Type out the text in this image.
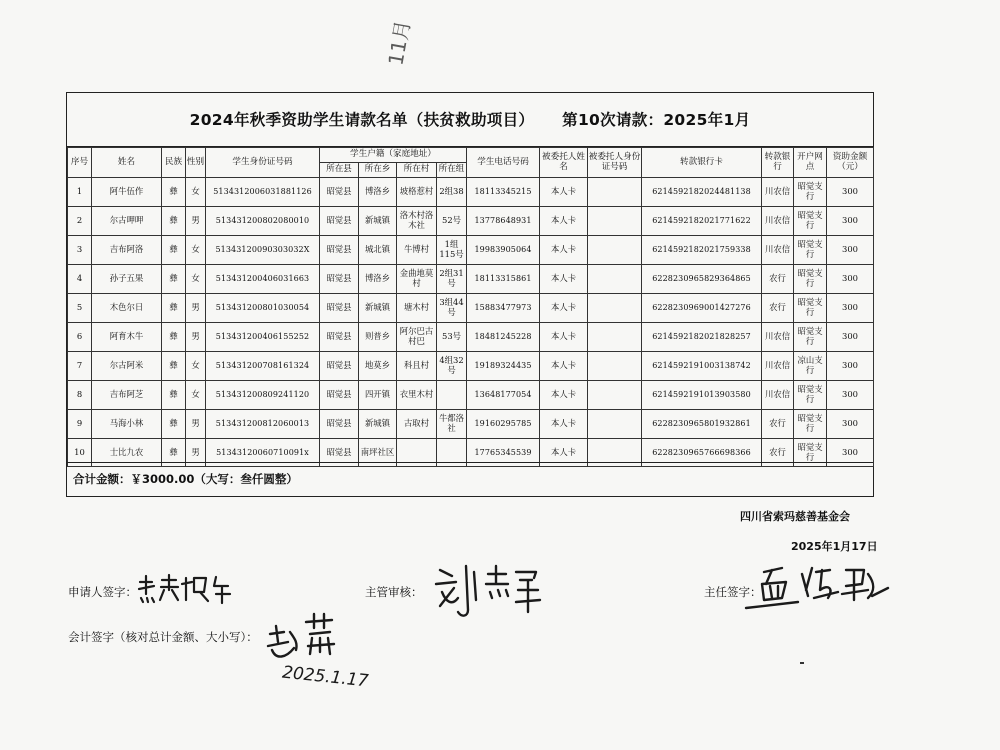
11月
2024年秋季资助学生请款名单（扶贫救助项目） 第10次请款：2025年1月
序号	姓名	民族	性别	学生身份证号码	学生户籍（家庭地址）				学生电话号码	被委托人姓名	被委托人身份证号码	转款银行卡	转款银行	开户网点	资助金额（元）
					所在县	所在乡	所在村	所在组							
1	阿牛伍作	彝	女	513431200603188​1126	昭觉县	博洛乡	坡格惹村	2组38	18113345215	本人卡		6214592182024481138	川农信	昭觉支行	300
2	尔古呷呷	彝	男	513431200802080010	昭觉县	新城镇	洛木村洛木社	52号	13778648931	本人卡		6214592182021771622	川农信	昭觉支行	300
3	吉布阿洛	彝	女	51343120090303032X	昭觉县	城北镇	牛博村	1组115号	19983905064	本人卡		6214592182021759338	川农信	昭觉支行	300
4	孙子五果	彝	女	513431200406031663	昭觉县	博洛乡	金曲地莫村	2组31号	18113315861	本人卡		6228230965829364865	农行	昭觉支行	300
5	木色尔日	彝	男	513431200801030054	昭觉县	新城镇	塘木村	3组44号	15883477973	本人卡		6228230969001427276	农行	昭觉支行	300
6	阿育木牛	彝	男	513431200406155252	昭觉县	则普乡	阿尔巴古村巴	53号	18481245228	本人卡		6214592182021828257	川农信	昭觉支行	300
7	尔古阿米	彝	女	513431200708161324	昭觉县	地莫乡	科且村	4组32号	19189324435	本人卡		6214592191003138742	川农信	凉山支行	300
8	吉布阿芝	彝	女	513431200809241120	昭觉县	四开镇	衣里木村		13648177054	本人卡		6214592191013903580	川农信	昭觉支行	300
9	马海小林	彝	男	513431200812060013	昭觉县	新城镇	古取村	牛都洛社	19160295785	本人卡		6228230965801932861	农行	昭觉支行	300
10	士比九农	彝	男	51343120060710091x	昭觉县	南坪社区			17765345539	本人卡		6228230965766698366	农行	昭觉支行	300
合计金额：￥3000.00（大写：叁仟圆整）
四川省索玛慈善基金会
2025年1月17日
申请人签字：	主管审核：	主任签字：
会计签字（核对总计金额、大小写）：
2025.1.17
